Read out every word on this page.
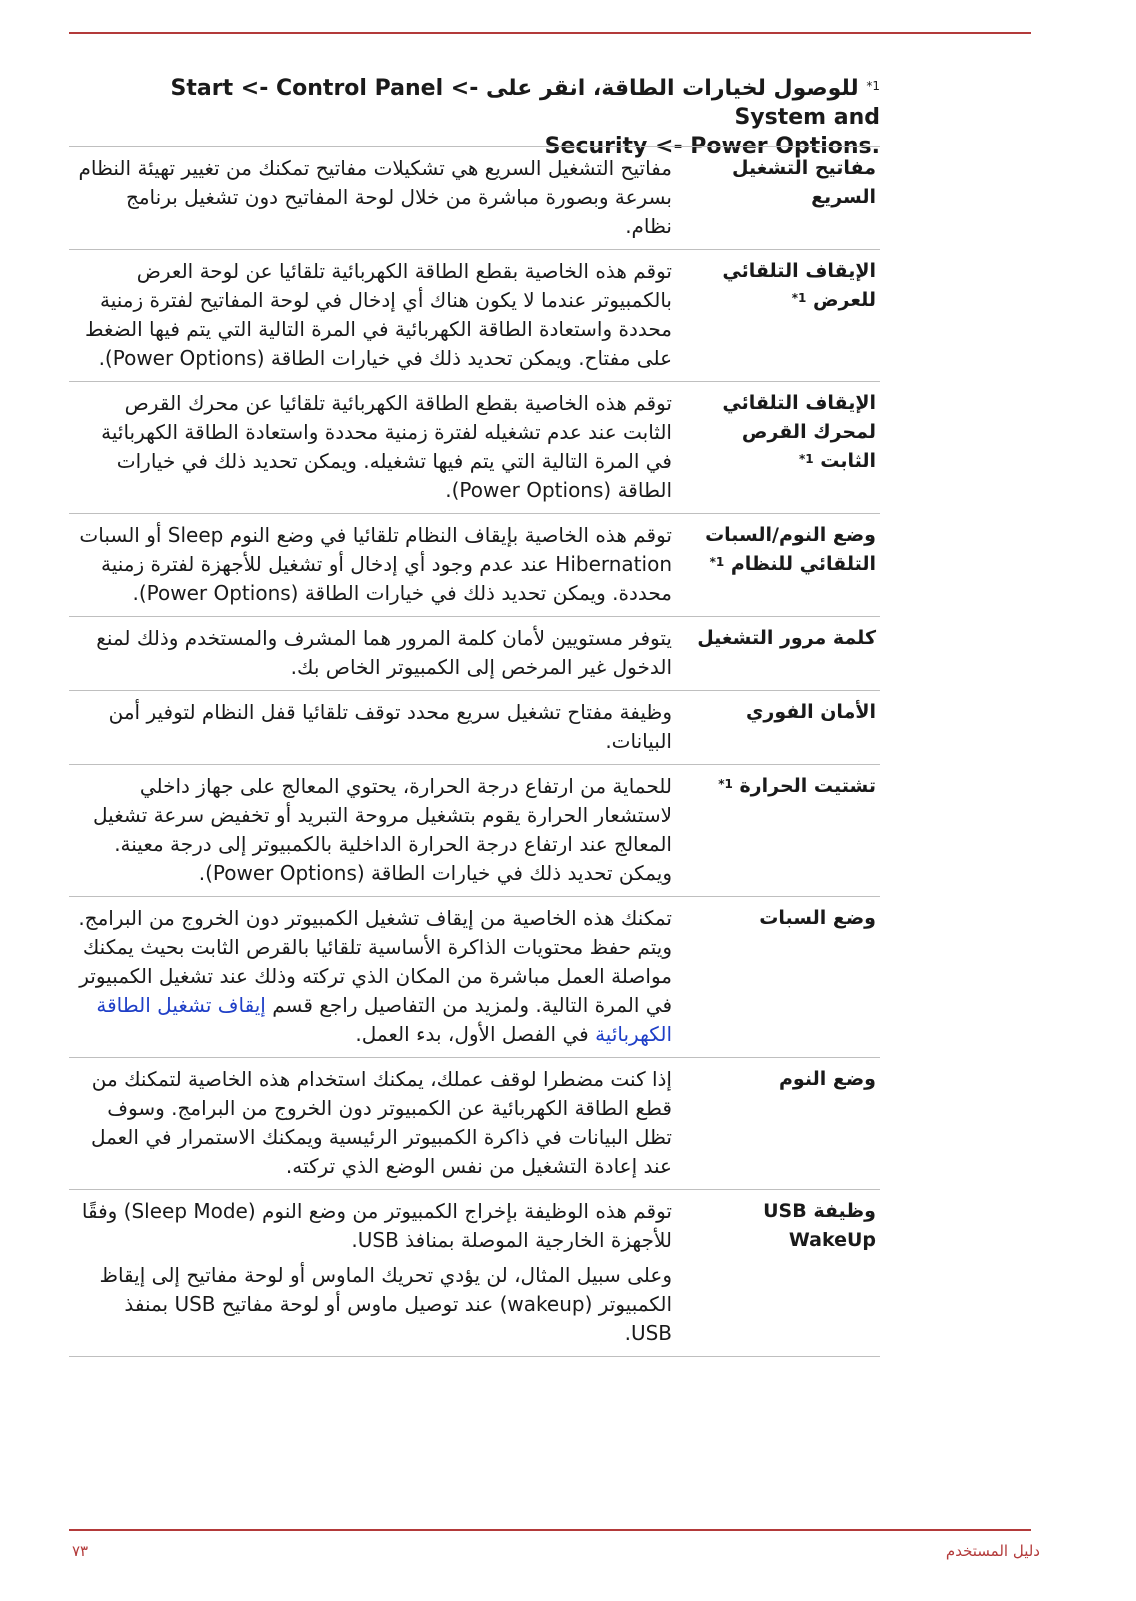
$^{1*}$ للوصول لخيارات الطاقة، انقر على Start <- Control Panel <- System and
Security <- Power Options.
مفاتيح التشغيل السريع	مفاتيح التشغيل السريع هي تشكيلات مفاتيح تمكنك من تغيير تهيئة النظام بسرعة وبصورة مباشرة من خلال لوحة المفاتيح دون تشغيل برنامج نظام.

الإيقاف التلقائي للعرض $^{1*}$	توقم هذه الخاصية بقطع الطاقة الكهربائية تلقائيا عن لوحة العرض بالكمبيوتر عندما لا يكون هناك أي إدخال في لوحة المفاتيح لفترة زمنية محددة واستعادة الطاقة الكهربائية في المرة التالية التي يتم فيها الضغط على مفتاح. ويمكن تحديد ذلك في خيارات الطاقة (Power Options).

الإيقاف التلقائي لمحرك القرص الثابت $^{1*}$	توقم هذه الخاصية بقطع الطاقة الكهربائية تلقائيا عن محرك القرص الثابت عند عدم تشغيله لفترة زمنية محددة واستعادة الطاقة الكهربائية في المرة التالية التي يتم فيها تشغيله. ويمكن تحديد ذلك في خيارات الطاقة (Power Options).

وضع النوم/السبات التلقائي للنظام $^{1*}$	توقم هذه الخاصية بإيقاف النظام تلقائيا في وضع النوم Sleep أو السبات Hibernation عند عدم وجود أي إدخال أو تشغيل للأجهزة لفترة زمنية محددة. ويمكن تحديد ذلك في خيارات الطاقة (Power Options).

كلمة مرور التشغيل	يتوفر مستويين لأمان كلمة المرور هما المشرف والمستخدم وذلك لمنع الدخول غير المرخص إلى الكمبيوتر الخاص بك.

الأمان الفوري	وظيفة مفتاح تشغيل سريع محدد توقف تلقائيا قفل النظام لتوفير أمن البيانات.

تشتيت الحرارة $^{1*}$	للحماية من ارتفاع درجة الحرارة، يحتوي المعالج على جهاز داخلي لاستشعار الحرارة يقوم بتشغيل مروحة التبريد أو تخفيض سرعة تشغيل المعالج عند ارتفاع درجة الحرارة الداخلية بالكمبيوتر إلى درجة معينة. ويمكن تحديد ذلك في خيارات الطاقة (Power Options).

وضع السبات	تمكنك هذه الخاصية من إيقاف تشغيل الكمبيوتر دون الخروج من البرامج. ويتم حفظ محتويات الذاكرة الأساسية تلقائيا بالقرص الثابت بحيث يمكنك مواصلة العمل مباشرة من المكان الذي تركته وذلك عند تشغيل الكمبيوتر في المرة التالية. ولمزيد من التفاصيل راجع قسم إيقاف تشغيل الطاقة الكهربائية في الفصل الأول، بدء العمل.

وضع النوم	إذا كنت مضطرا لوقف عملك، يمكنك استخدام هذه الخاصية لتمكنك من قطع الطاقة الكهربائية عن الكمبيوتر دون الخروج من البرامج. وسوف تظل البيانات في ذاكرة الكمبيوتر الرئيسية ويمكنك الاستمرار في العمل عند إعادة التشغيل من نفس الوضع الذي تركته.

وظيفة USB WakeUp	توقم هذه الوظيفة بإخراج الكمبيوتر من وضع النوم (Sleep Mode) وفقًا للأجهزة الخارجية الموصلة بمنافذ USB.

وعلى سبيل المثال، لن يؤدي تحريك الماوس أو لوحة مفاتيح إلى إيقاظ الكمبيوتر (wakeup) عند توصيل ماوس أو لوحة مفاتيح USB بمنفذ USB.

دليل المستخدم
٧٣
